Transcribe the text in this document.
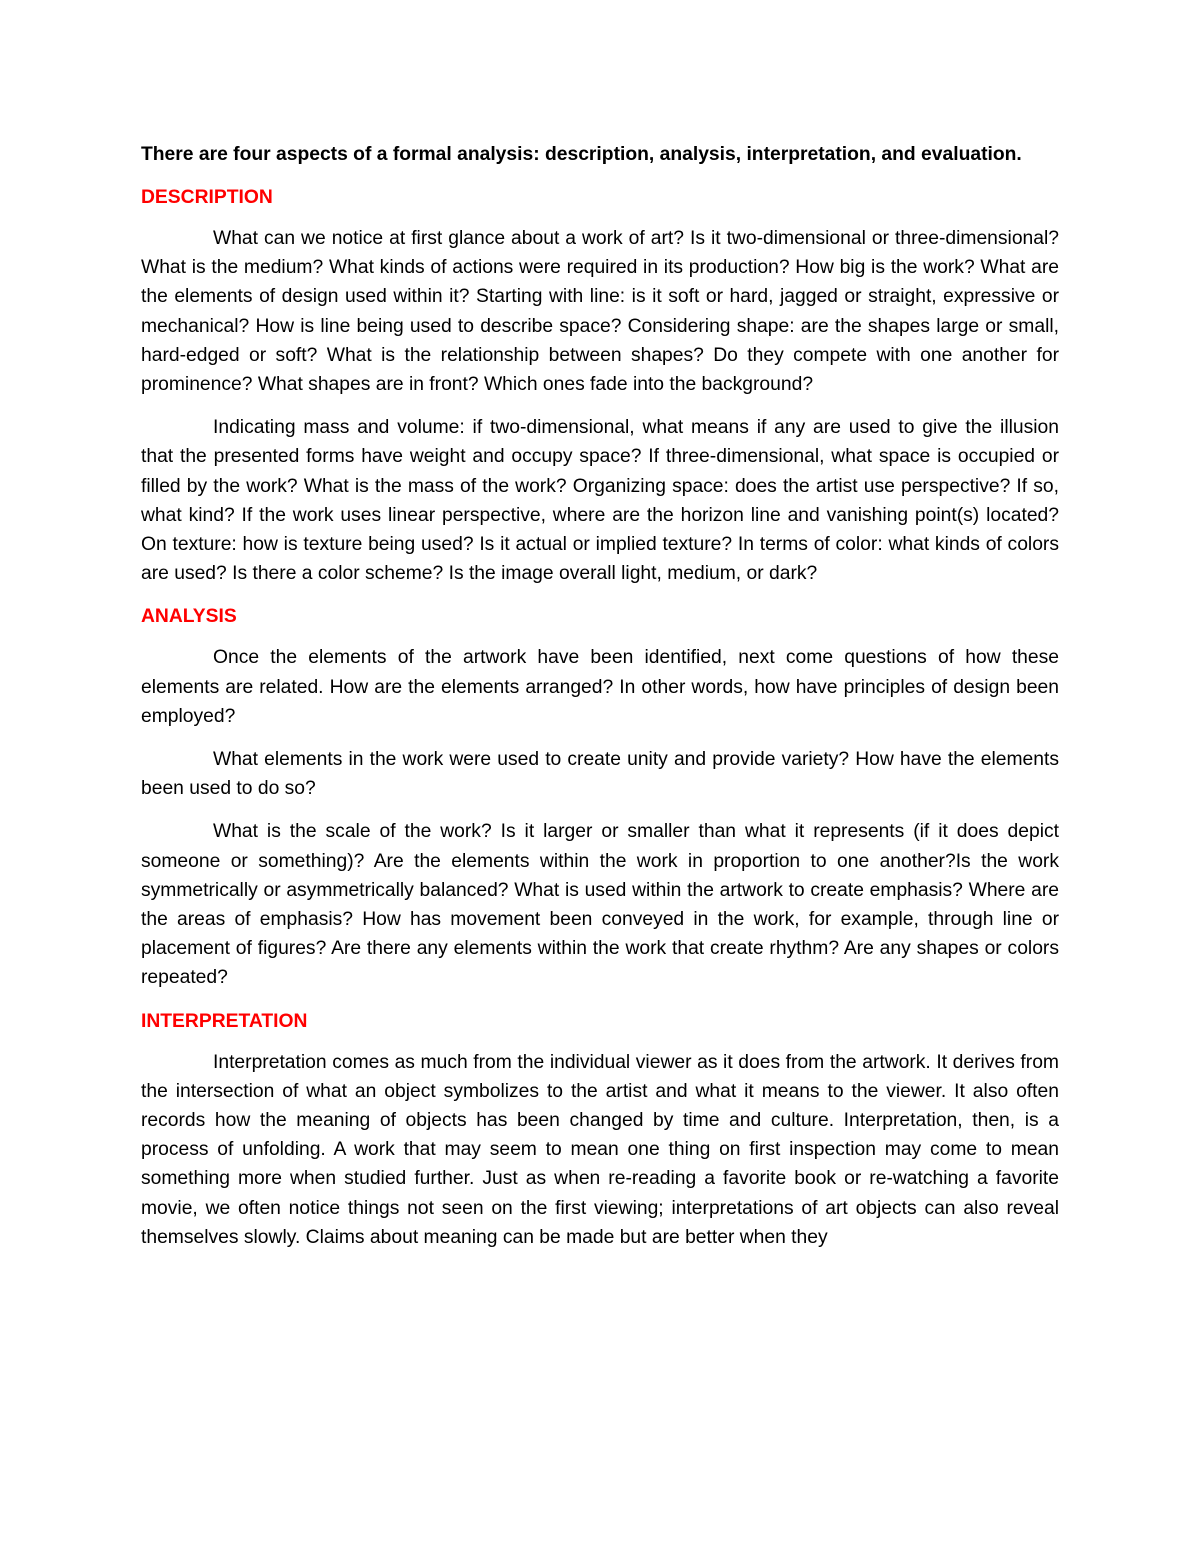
There are four aspects of a formal analysis: description, analysis, interpretation, and evaluation.

DESCRIPTION

What can we notice at first glance about a work of art? Is it two-dimensional or three-dimensional? What is the medium? What kinds of actions were required in its production? How big is the work? What are the elements of design used within it? Starting with line: is it soft or hard, jagged or straight, expressive or mechanical? How is line being used to describe space? Considering shape: are the shapes large or small, hard-edged or soft? What is the relationship between shapes? Do they compete with one another for prominence? What shapes are in front? Which ones fade into the background?

Indicating mass and volume: if two-dimensional, what means if any are used to give the illusion that the presented forms have weight and occupy space? If three-dimensional, what space is occupied or filled by the work? What is the mass of the work? Organizing space: does the artist use perspective? If so, what kind? If the work uses linear perspective, where are the horizon line and vanishing point(s) located? On texture: how is texture being used? Is it actual or implied texture? In terms of color: what kinds of colors are used? Is there a color scheme? Is the image overall light, medium, or dark?

ANALYSIS

Once the elements of the artwork have been identified, next come questions of how these elements are related. How are the elements arranged? In other words, how have principles of design been employed?

What elements in the work were used to create unity and provide variety? How have the elements been used to do so?

What is the scale of the work? Is it larger or smaller than what it represents (if it does depict someone or something)? Are the elements within the work in proportion to one another?Is the work symmetrically or asymmetrically balanced? What is used within the artwork to create emphasis? Where are the areas of emphasis? How has movement been conveyed in the work, for example, through line or placement of figures? Are there any elements within the work that create rhythm? Are any shapes or colors repeated?

INTERPRETATION

Interpretation comes as much from the individual viewer as it does from the artwork. It derives from the intersection of what an object symbolizes to the artist and what it means to the viewer. It also often records how the meaning of objects has been changed by time and culture. Interpretation, then, is a process of unfolding. A work that may seem to mean one thing on first inspection may come to mean something more when studied further. Just as when re-reading a favorite book or re-watching a favorite movie, we often notice things not seen on the first viewing; interpretations of art objects can also reveal themselves slowly. Claims about meaning can be made but are better when they
